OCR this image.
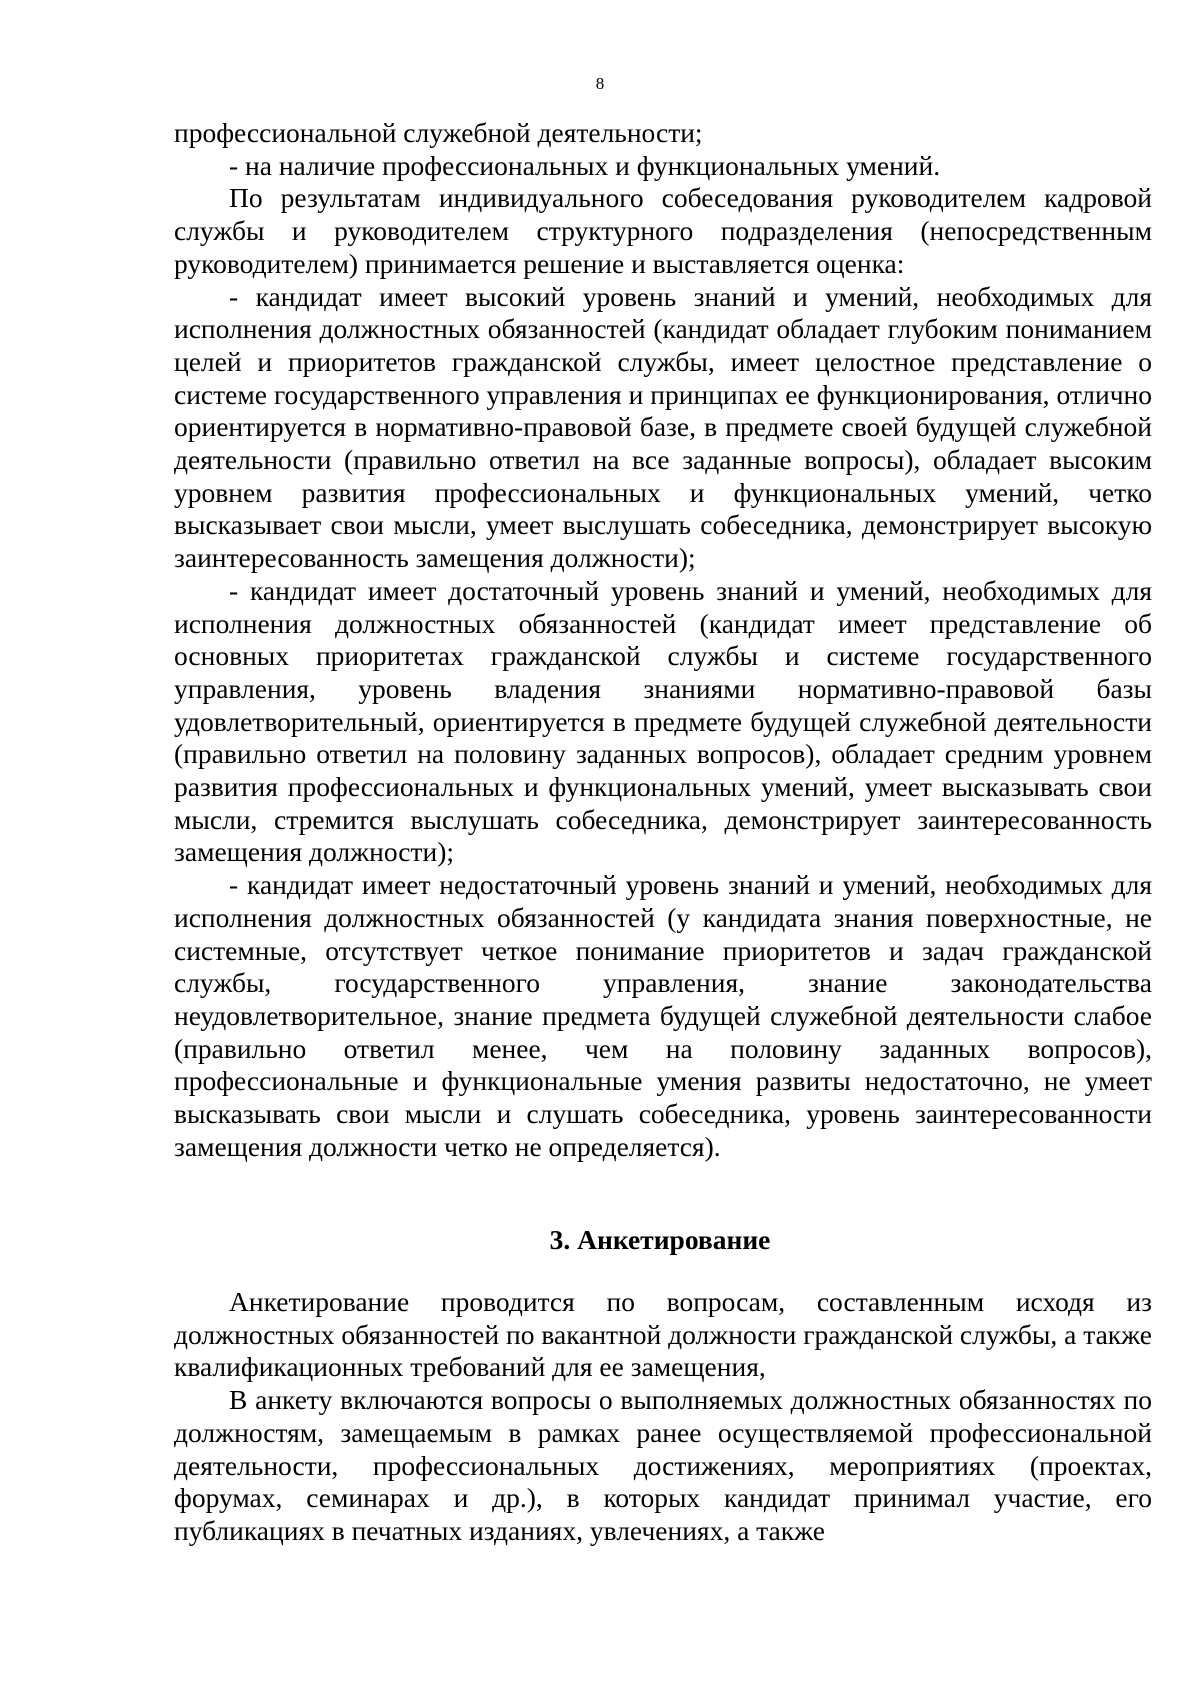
8

профессиональной служебной деятельности;

- на наличие профессиональных и функциональных умений.

По результатам индивидуального собеседования руководителем кадровой службы и руководителем структурного подразделения (непосредственным руководителем) принимается решение и выставляется оценка:

- кандидат имеет высокий уровень знаний и умений, необходимых для исполнения должностных обязанностей (кандидат обладает глубоким пониманием целей и приоритетов гражданской службы, имеет целостное представление о системе государственного управления и принципах ее функционирования, отлично ориентируется в нормативно-правовой базе, в предмете своей будущей служебной деятельности (правильно ответил на все заданные вопросы), обладает высоким уровнем развития профессиональных и функциональных умений, четко высказывает свои мысли, умеет выслушать собеседника, демонстрирует высокую заинтересованность замещения должности);

- кандидат имеет достаточный уровень знаний и умений, необходимых для исполнения должностных обязанностей (кандидат имеет представление об основных приоритетах гражданской службы и системе государственного управления, уровень владения знаниями нормативно-правовой базы удовлетворительный, ориентируется в предмете будущей служебной деятельности (правильно ответил на половину заданных вопросов), обладает средним уровнем развития профессиональных и функциональных умений, умеет высказывать свои мысли, стремится выслушать собеседника, демонстрирует заинтересованность замещения должности);

- кандидат имеет недостаточный уровень знаний и умений, необходимых для исполнения должностных обязанностей (у кандидата знания поверхностные, не системные, отсутствует четкое понимание приоритетов и задач гражданской службы, государственного управления, знание законодательства неудовлетворительное, знание предмета будущей служебной деятельности слабое (правильно ответил менее, чем на половину заданных вопросов), профессиональные и функциональные умения развиты недостаточно, не умеет высказывать свои мысли и слушать собеседника, уровень заинтересованности замещения должности четко не определяется).

3. Анкетирование

Анкетирование проводится по вопросам, составленным исходя из должностных обязанностей по вакантной должности гражданской службы, а также квалификационных требований для ее замещения,

В анкету включаются вопросы о выполняемых должностных обязанностях по должностям, замещаемым в рамках ранее осуществляемой профессиональной деятельности, профессиональных достижениях, мероприятиях (проектах, форумах, семинарах и др.), в которых кандидат принимал участие, его публикациях в печатных изданиях, увлечениях, а также
